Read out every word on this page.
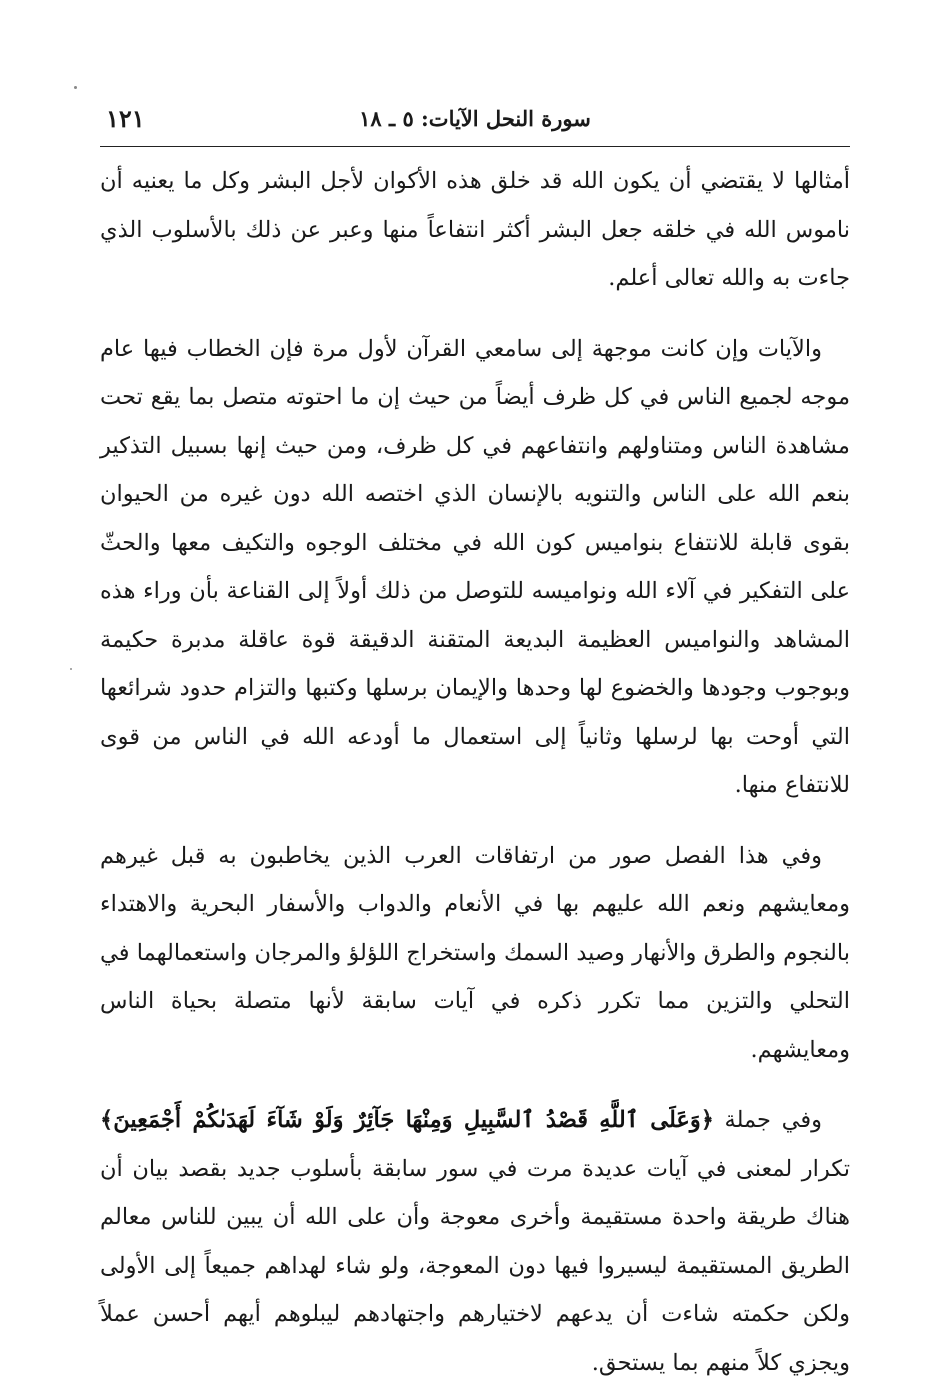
سورة النحل الآيات: ٥ ـ ١٨
١٢١

أمثالها لا يقتضي أن يكون الله قد خلق هذه الأكوان لأجل البشر وكل ما يعنيه أن ناموس الله في خلقه جعل البشر أكثر انتفاعاً منها وعبر عن ذلك بالأسلوب الذي جاءت به والله تعالى أعلم.

والآيات وإن كانت موجهة إلى سامعي القرآن لأول مرة فإن الخطاب فيها عام موجه لجميع الناس في كل ظرف أيضاً من حيث إن ما احتوته متصل بما يقع تحت مشاهدة الناس ومتناولهم وانتفاعهم في كل ظرف، ومن حيث إنها بسبيل التذكير بنعم الله على الناس والتنويه بالإنسان الذي اختصه الله دون غيره من الحيوان بقوى قابلة للانتفاع بنواميس كون الله في مختلف الوجوه والتكيف معها والحثّ على التفكير في آلاء الله ونواميسه للتوصل من ذلك أولاً إلى القناعة بأن وراء هذه المشاهد والنواميس العظيمة البديعة المتقنة الدقيقة قوة عاقلة مدبرة حكيمة وبوجوب وجودها والخضوع لها وحدها والإيمان برسلها وكتبها والتزام حدود شرائعها التي أوحت بها لرسلها وثانياً إلى استعمال ما أودعه الله في الناس من قوى للانتفاع منها.

وفي هذا الفصل صور من ارتفاقات العرب الذين يخاطبون به قبل غيرهم ومعايشهم ونعم الله عليهم بها في الأنعام والدواب والأسفار البحرية والاهتداء بالنجوم والطرق والأنهار وصيد السمك واستخراج اللؤلؤ والمرجان واستعمالهما في التحلي والتزين مما تكرر ذكره في آيات سابقة لأنها متصلة بحياة الناس ومعايشهم.

وفي جملة ﴿وَعَلَى ٱللَّهِ قَصْدُ ٱلسَّبِيلِ وَمِنْهَا جَآئِرٌ وَلَوْ شَآءَ لَهَدَىٰكُمْ أَجْمَعِينَ﴾ تكرار لمعنى في آيات عديدة مرت في سور سابقة بأسلوب جديد بقصد بيان أن هناك طريقة واحدة مستقيمة وأخرى معوجة وأن على الله أن يبين للناس معالم الطريق المستقيمة ليسيروا فيها دون المعوجة، ولو شاء لهداهم جميعاً إلى الأولى ولكن حكمته شاءت أن يدعهم لاختيارهم واجتهادهم ليبلوهم أيهم أحسن عملاً ويجزي كلاً منهم بما يستحق.
